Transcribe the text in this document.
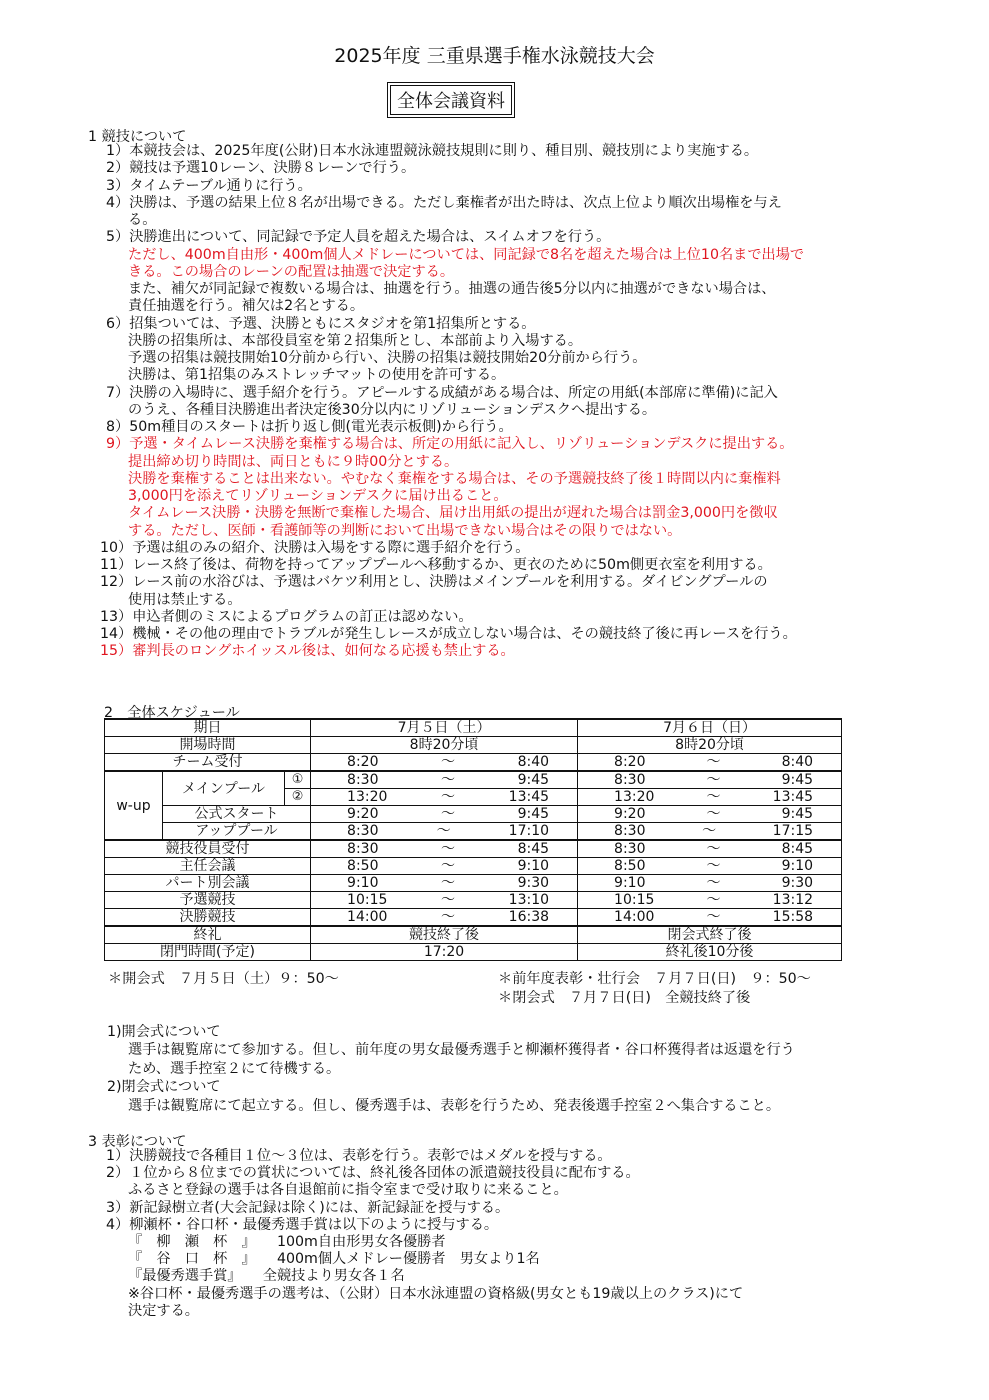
2025年度 三重県選手権水泳競技大会
全体会議資料
1 競技について
1）本競技会は、2025年度(公財)日本水泳連盟競泳競技規則に則り、種目別、競技別により実施する。
2）競技は予選10レーン、決勝８レーンで行う。
3）タイムテーブル通りに行う。
4）決勝は、予選の結果上位８名が出場できる。ただし棄権者が出た時は、次点上位より順次出場権を与え
る。
5）決勝進出について、同記録で予定人員を超えた場合は、スイムオフを行う。
ただし、400m自由形・400m個人メドレーについては、同記録で8名を超えた場合は上位10名まで出場で
きる。この場合のレーンの配置は抽選で決定する。
また、補欠が同記録で複数いる場合は、抽選を行う。抽選の通告後5分以内に抽選ができない場合は、
責任抽選を行う。補欠は2名とする。
6）招集ついては、予選、決勝ともにスタジオを第1招集所とする。
決勝の招集所は、本部役員室を第２招集所とし、本部前より入場する。
予選の招集は競技開始10分前から行い、決勝の招集は競技開始20分前から行う。
決勝は、第1招集のみストレッチマットの使用を許可する。
7）決勝の入場時に、選手紹介を行う。アピールする成績がある場合は、所定の用紙(本部席に準備)に記入
のうえ、各種目決勝進出者決定後30分以内にリゾリューションデスクへ提出する。
8）50m種目のスタートは折り返し側(電光表示板側)から行う。
9）予選・タイムレース決勝を棄権する場合は、所定の用紙に記入し、リゾリューションデスクに提出する。
提出締め切り時間は、両日ともに９時00分とする。
決勝を棄権することは出来ない。やむなく棄権をする場合は、その予選競技終了後１時間以内に棄権料
3,000円を添えてリゾリューションデスクに届け出ること。
タイムレース決勝・決勝を無断で棄権した場合、届け出用紙の提出が遅れた場合は罰金3,000円を徴収
する。ただし、医師・看護師等の判断において出場できない場合はその限りではない。
10）予選は組のみの紹介、決勝は入場をする際に選手紹介を行う。
11）レース終了後は、荷物を持ってアッププールへ移動するか、更衣のために50m側更衣室を利用する。
12）レース前の水浴びは、予選はバケツ利用とし、決勝はメインプールを利用する。ダイビングプールの
使用は禁止する。
13）申込者側のミスによるプログラムの訂正は認めない。
14）機械・その他の理由でトラブルが発生しレースが成立しない場合は、その競技終了後に再レースを行う。
15）審判長のロングホイッスル後は、如何なる応援も禁止する。
2　全体スケジュール
期日			7月５日（土）	7月６日（日）
開場時間			8時20分頃	8時20分頃
チーム受付			8:20 〜 8:40	8:20 〜 8:40

w-up	メインプール	①	8:30 〜 9:45	8:30 〜 9:45

		②	13:20 〜 13:45	13:20 〜 13:45

	公式スタート		9:20 〜 9:45	9:20 〜 9:45

	アッププール		8:30 〜 17:10	8:30 〜 17:15

競技役員受付			8:30 〜 8:45	8:30 〜 8:45

主任会議			8:50 〜 9:10	8:50 〜 9:10

パート別会議			9:10 〜 9:30	9:10 〜 9:30

予選競技			10:15 〜 13:10	10:15 〜 13:12

決勝競技			14:00 〜 16:38	14:00 〜 15:58

終礼			競技終了後	閉会式終了後
閉門時間(予定)			17:20	終礼後10分後
＊開会式　７月５日（土）９：50〜	＊前年度表彰・壮行会　７月７日(日)　９：50〜
＊閉会式　７月７日(日)　全競技終了後
1)開会式について
選手は観覧席にて参加する。但し、前年度の男女最優秀選手と柳瀬杯獲得者・谷口杯獲得者は返還を行う
ため、選手控室２にて待機する。
2)閉会式について
選手は観覧席にて起立する。但し、優秀選手は、表彰を行うため、発表後選手控室２へ集合すること。
3 表彰について
1）決勝競技で各種目１位〜３位は、表彰を行う。表彰ではメダルを授与する。
2）１位から８位までの賞状については、終礼後各団体の派遣競技役員に配布する。
ふるさと登録の選手は各自退館前に指令室まで受け取りに来ること。
3）新記録樹立者(大会記録は除く)には、新記録証を授与する。
4）柳瀬杯・谷口杯・最優秀選手賞は以下のように授与する。
『　柳　瀬　杯　』　　100m自由形男女各優勝者
『　谷　口　杯　』　　400m個人メドレー優勝者　男女より1名
『最優秀選手賞』　　全競技より男女各１名
※谷口杯・最優秀選手の選考は、（公財）日本水泳連盟の資格級(男女とも19歳以上のクラス)にて
決定する。
